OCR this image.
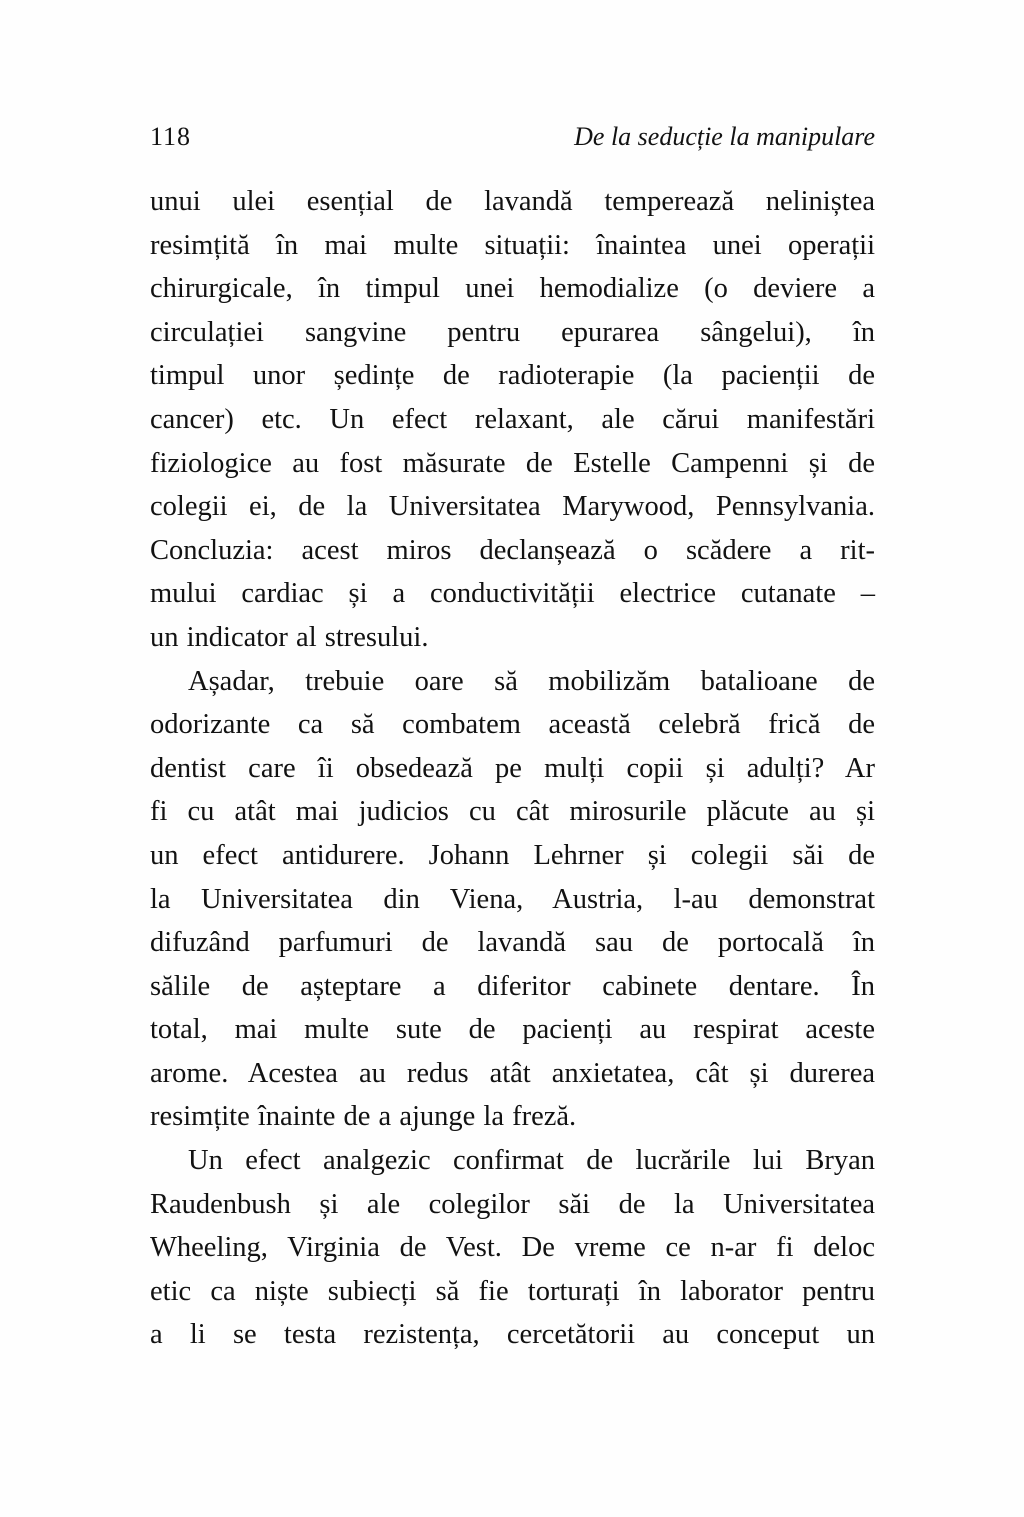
118	De la seducție la manipulare
unui ulei esențial de lavandă temperează neliniștea
resimțită în mai multe situații: înaintea unei operații
chirurgicale, în timpul unei hemodialize (o deviere a
circulației sangvine pentru epurarea sângelui), în
timpul unor ședințe de radioterapie (la pacienții de
cancer) etc. Un efect relaxant, ale cărui manifestări
fiziologice au fost măsurate de Estelle Campenni și de
colegii ei, de la Universitatea Marywood, Pennsylvania.
Concluzia: acest miros declanșează o scădere a rit-
mului cardiac și a conductivității electrice cutanate –
un indicator al stresului.
Așadar, trebuie oare să mobilizăm batalioane de
odorizante ca să combatem această celebră frică de
dentist care îi obsedează pe mulți copii și adulți? Ar
fi cu atât mai judicios cu cât mirosurile plăcute au și
un efect antidurere. Johann Lehrner și colegii săi de
la Universitatea din Viena, Austria, l-au demonstrat
difuzând parfumuri de lavandă sau de portocală în
sălile de așteptare a diferitor cabinete dentare. În
total, mai multe sute de pacienți au respirat aceste
arome. Acestea au redus atât anxietatea, cât și durerea
resimțite înainte de a ajunge la freză.
Un efect analgezic confirmat de lucrările lui Bryan
Raudenbush și ale colegilor săi de la Universitatea
Wheeling, Virginia de Vest. De vreme ce n-ar fi deloc
etic ca niște subiecți să fie torturați în laborator pentru
a li se testa rezistența, cercetătorii au conceput un
